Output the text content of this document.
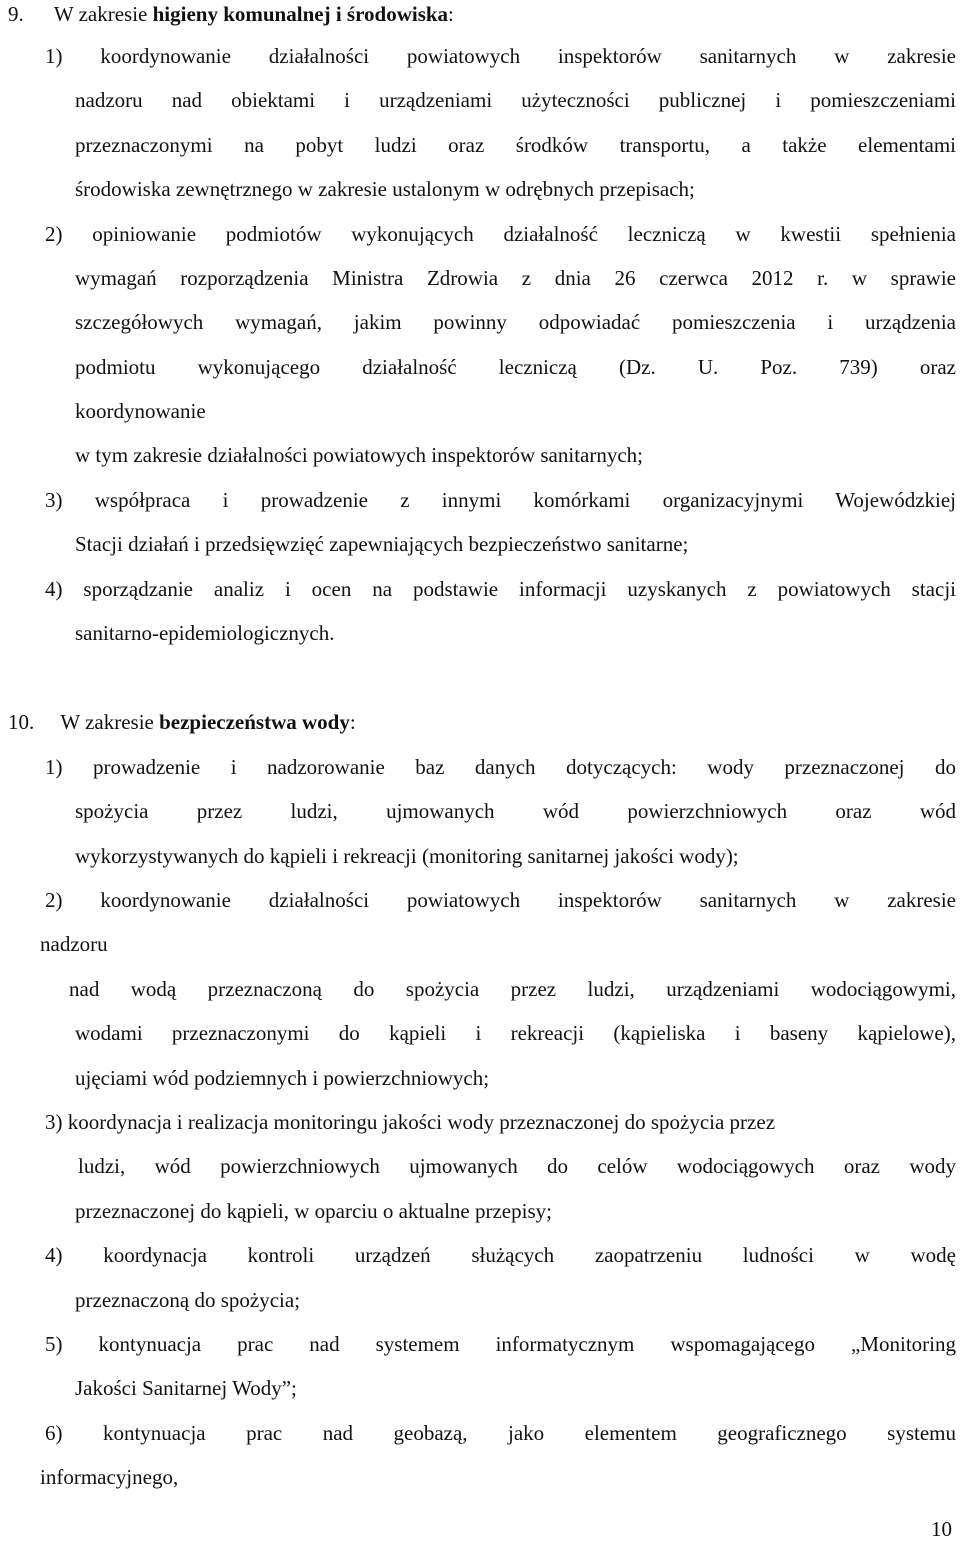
9. W zakresie higieny komunalnej i środowiska:
1) koordynowanie działalności powiatowych inspektorów sanitarnych w zakresie
nadzoru nad obiektami i urządzeniami użyteczności publicznej i pomieszczeniami
przeznaczonymi na pobyt ludzi oraz środków transportu, a także elementami
środowiska zewnętrznego w zakresie ustalonym w odrębnych przepisach;
2) opiniowanie podmiotów wykonujących działalność leczniczą w kwestii spełnienia
wymagań rozporządzenia Ministra Zdrowia z dnia 26 czerwca 2012 r. w sprawie
szczegółowych wymagań, jakim powinny odpowiadać pomieszczenia i urządzenia
podmiotu wykonującego działalność leczniczą (Dz. U. Poz. 739) oraz
koordynowanie
w tym zakresie działalności powiatowych inspektorów sanitarnych;
3) współpraca i prowadzenie z innymi komórkami organizacyjnymi Wojewódzkiej
Stacji działań i przedsięwzięć zapewniających bezpieczeństwo sanitarne;
4) sporządzanie analiz i ocen na podstawie informacji uzyskanych z powiatowych stacji
sanitarno-epidemiologicznych.
10. W zakresie bezpieczeństwa wody:
1) prowadzenie i nadzorowanie baz danych dotyczących: wody przeznaczonej do
spożycia przez ludzi, ujmowanych wód powierzchniowych oraz wód
wykorzystywanych do kąpieli i rekreacji (monitoring sanitarnej jakości wody);
2) koordynowanie działalności powiatowych inspektorów sanitarnych w zakresie
nadzoru
nad wodą przeznaczoną do spożycia przez ludzi, urządzeniami wodociągowymi,
wodami przeznaczonymi do kąpieli i rekreacji (kąpieliska i baseny kąpielowe),
ujęciami wód podziemnych i powierzchniowych;
3) koordynacja i realizacja monitoringu jakości wody przeznaczonej do spożycia przez
ludzi, wód powierzchniowych ujmowanych do celów wodociągowych oraz wody
przeznaczonej do kąpieli, w oparciu o aktualne przepisy;
4) koordynacja kontroli urządzeń służących zaopatrzeniu ludności w wodę
przeznaczoną do spożycia;
5) kontynuacja prac nad systemem informatycznym wspomagającego „Monitoring
Jakości Sanitarnej Wody”;
6) kontynuacja prac nad geobazą, jako elementem geograficznego systemu
informacyjnego,
10
